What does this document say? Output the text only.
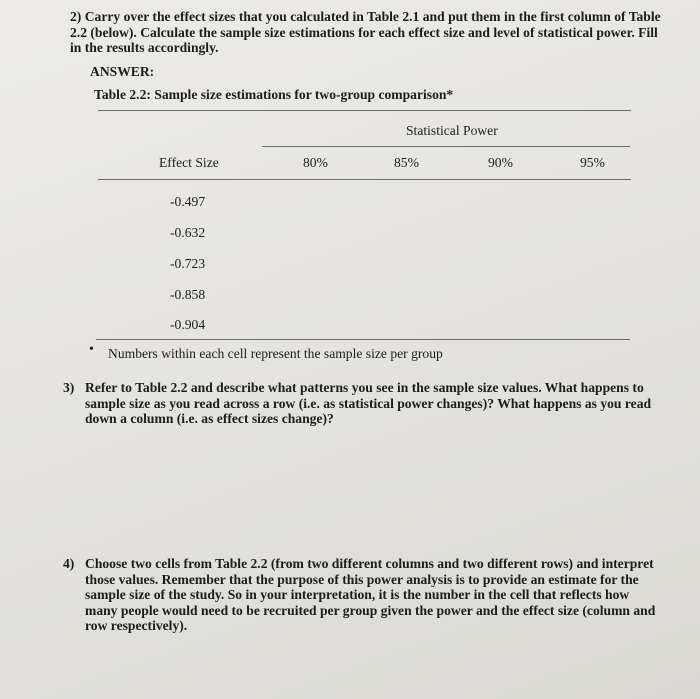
2) Carry over the effect sizes that you calculated in Table 2.1 and put them in the first column of Table 2.2 (below). Calculate the sample size estimations for each effect size and level of statistical power. Fill in the results accordingly.
ANSWER:
Table 2.2: Sample size estimations for two-group comparison*
Statistical Power
Effect Size	80%	85%	90%	95%
-0.497
-0.632
-0.723
-0.858
-0.904
• Numbers within each cell represent the sample size per group
3) Refer to Table 2.2 and describe what patterns you see in the sample size values. What happens to sample size as you read across a row (i.e. as statistical power changes)? What happens as you read down a column (i.e. as effect sizes change)?
4) Choose two cells from Table 2.2 (from two different columns and two different rows) and interpret those values. Remember that the purpose of this power analysis is to provide an estimate for the sample size of the study. So in your interpretation, it is the number in the cell that reflects how many people would need to be recruited per group given the power and the effect size (column and row respectively).
